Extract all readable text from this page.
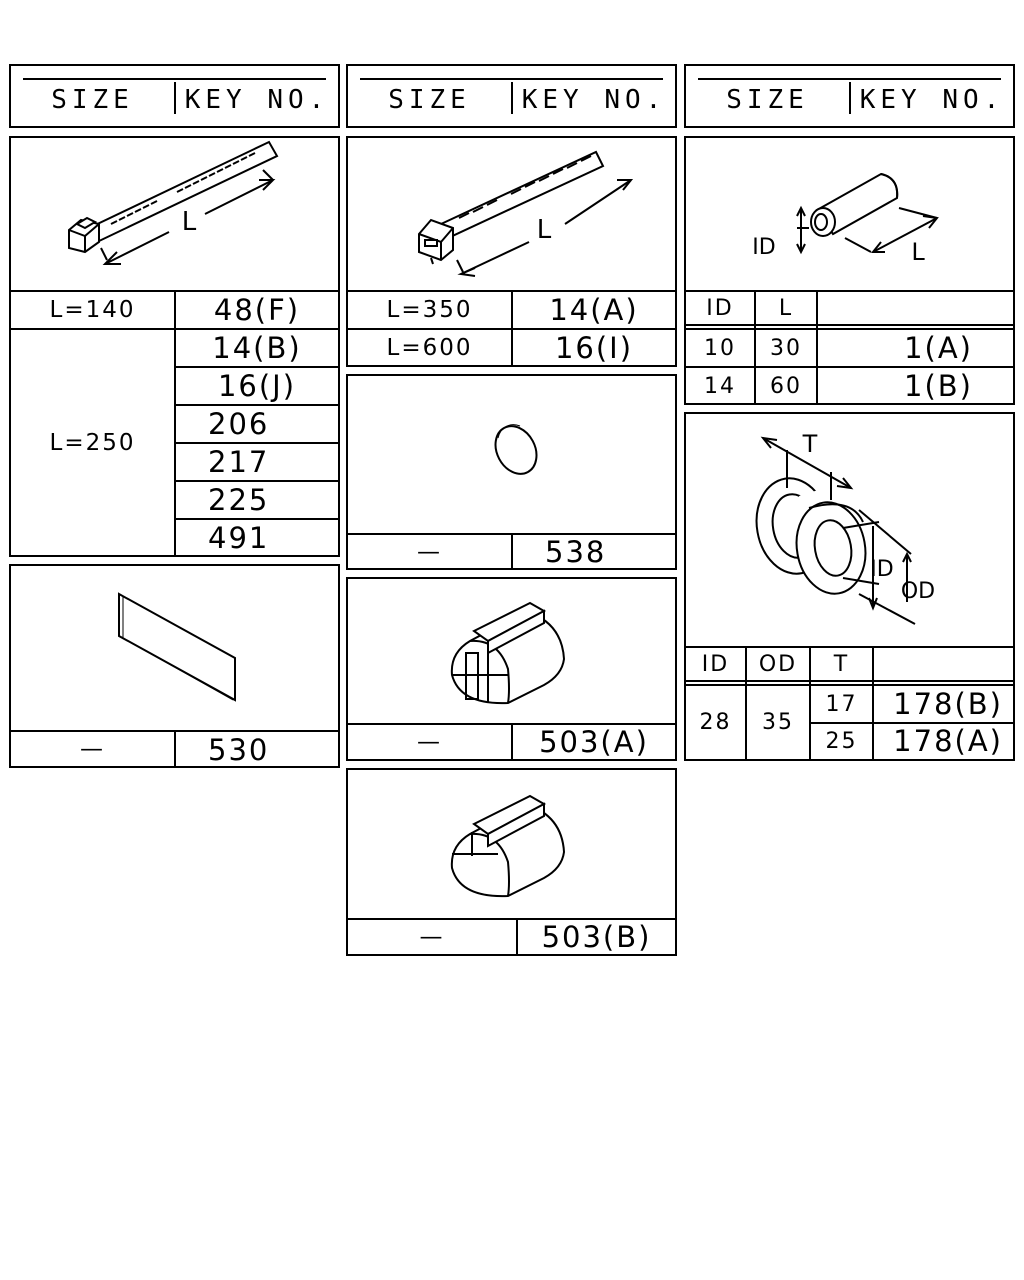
SIZE	KEY NO.	SIZE	KEY NO.	SIZE	KEY NO.
L
L=140	48(F)
L=250
14(B)
16(J)
206
217
225
491
—	530
L
L=350	14(A)
L=600	16(I)
—	538
—	503(A)
—	503(B)
ID	L
ID	L
10	30	1(A)
14	60	1(B)
T
ID
OD
ID	OD	T
28	35
17	178(B)
25	178(A)
